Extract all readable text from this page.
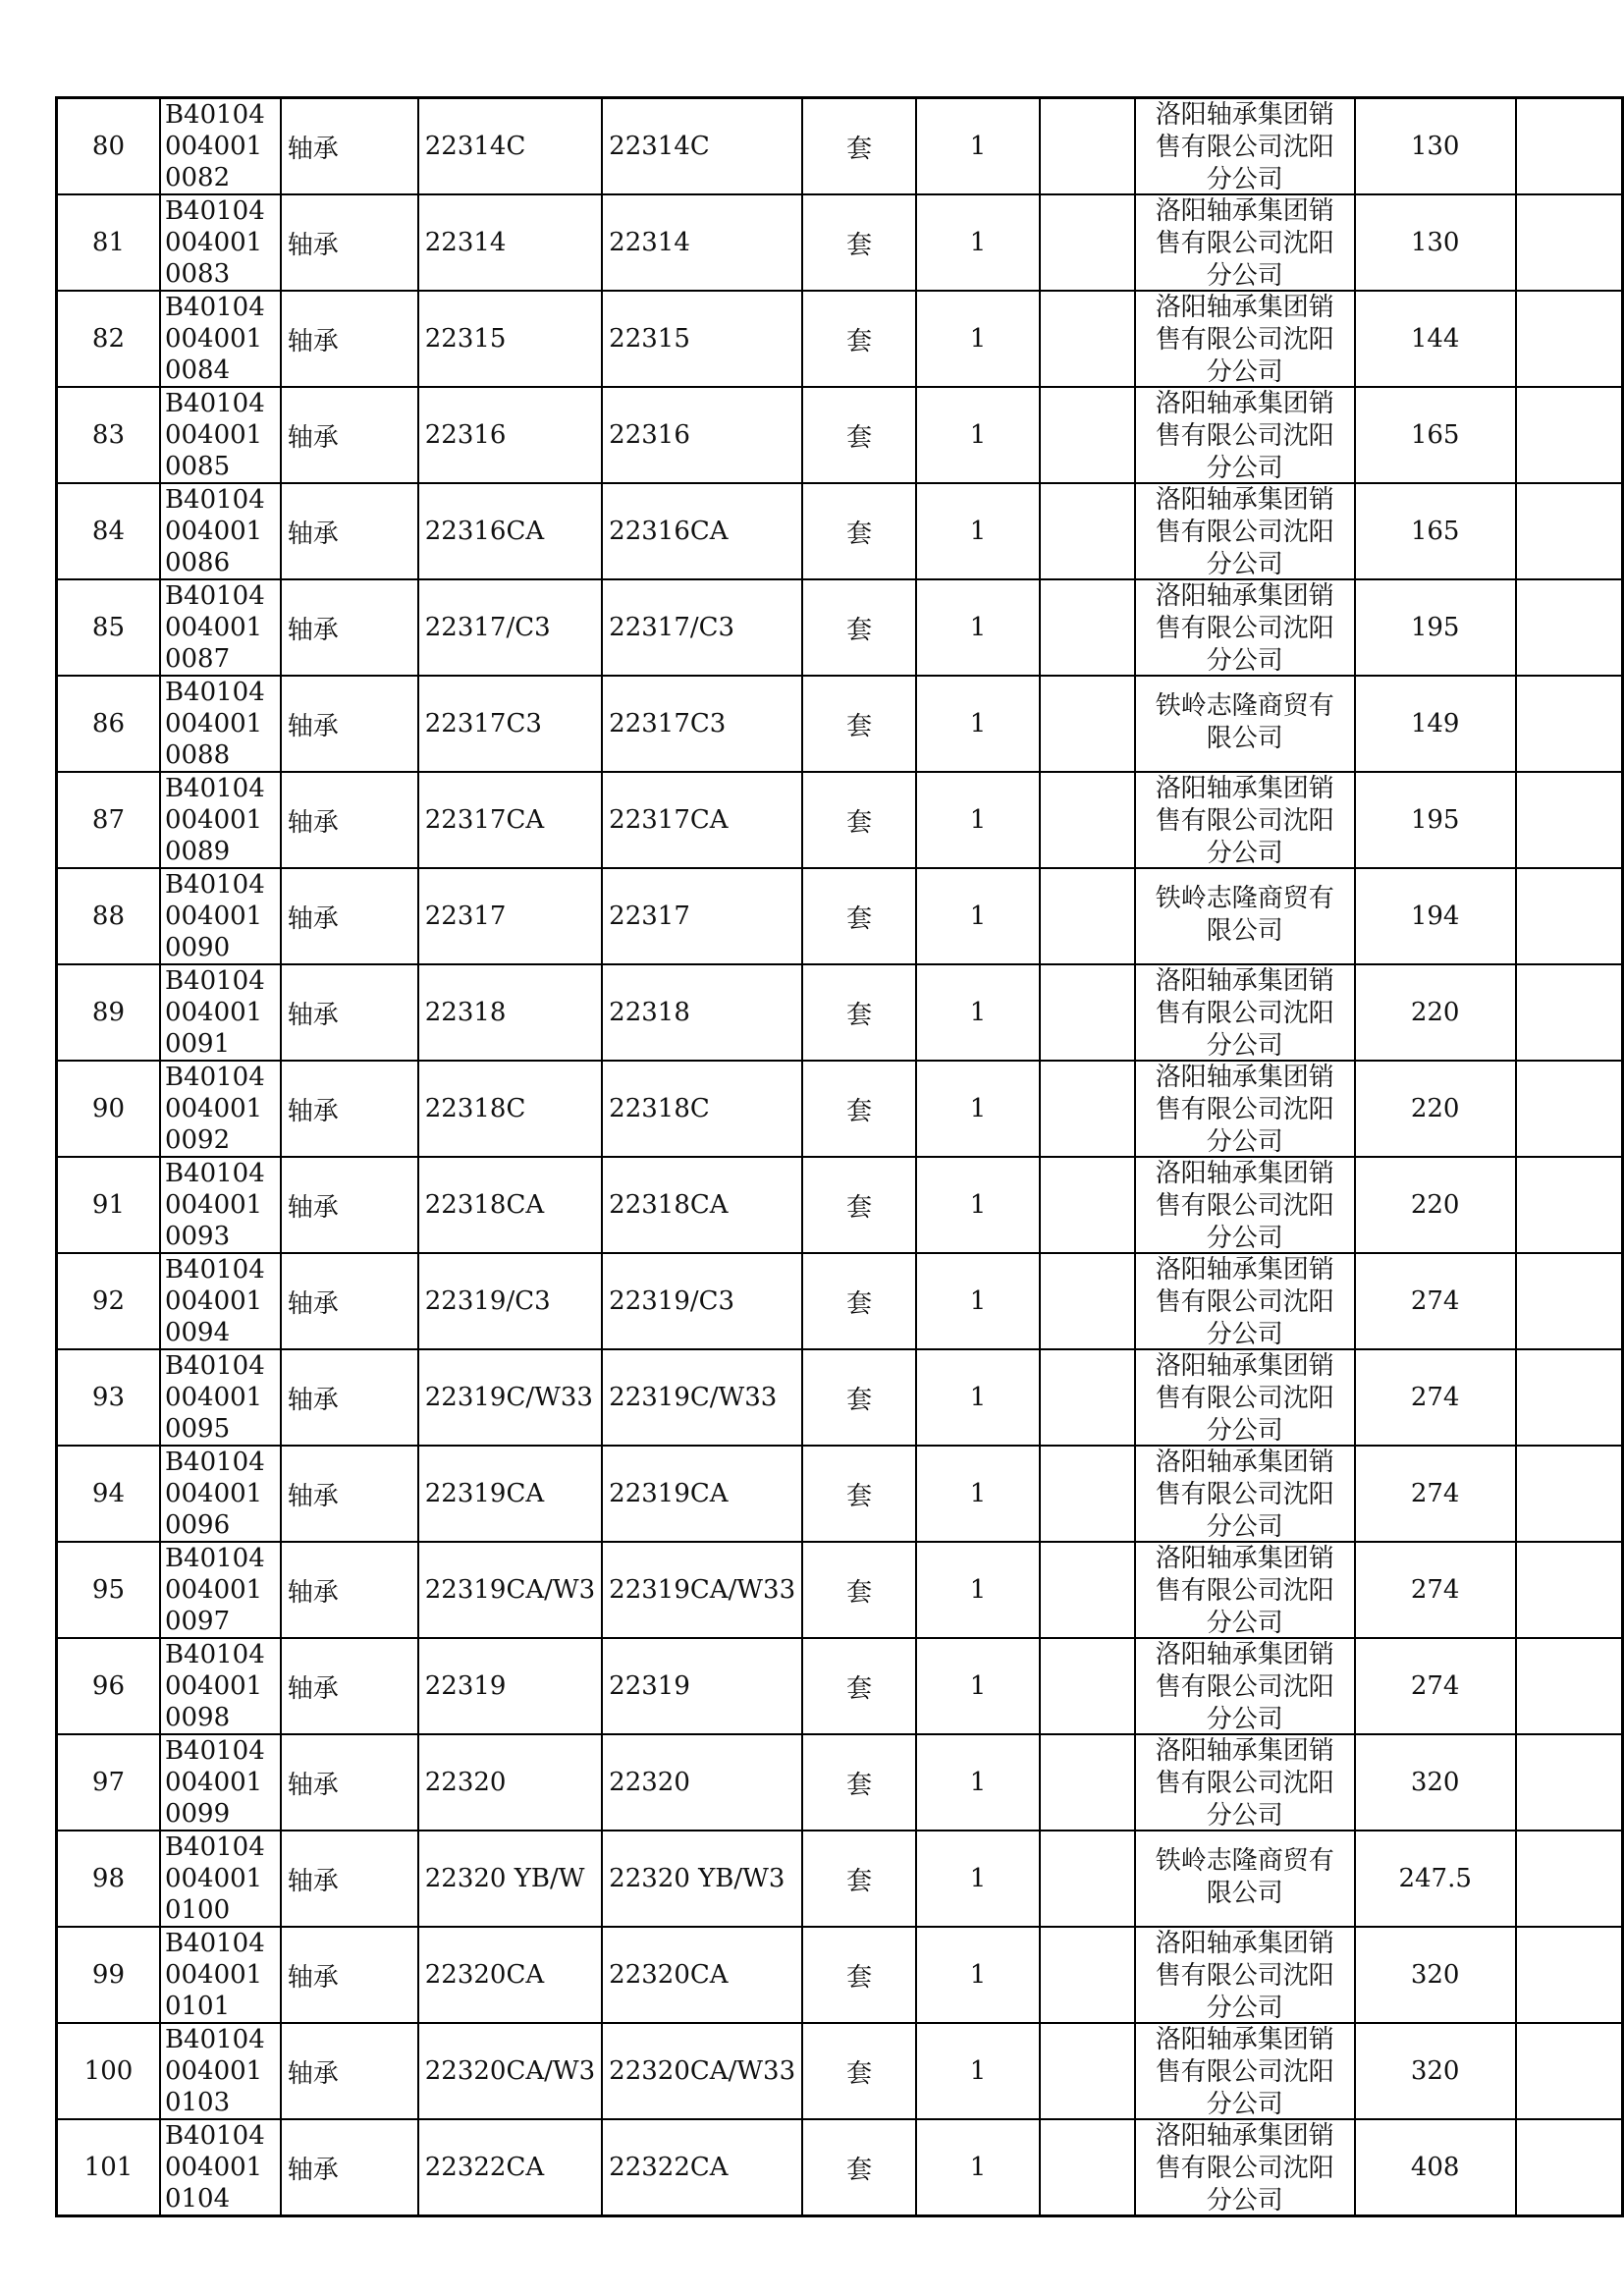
80	B401040040010082	轴承	22314C	22314C	套	1		洛阳轴承集团销售有限公司沈阳分公司	130	
81	B401040040010083	轴承	22314	22314	套	1		洛阳轴承集团销售有限公司沈阳分公司	130	
82	B401040040010084	轴承	22315	22315	套	1		洛阳轴承集团销售有限公司沈阳分公司	144	
83	B401040040010085	轴承	22316	22316	套	1		洛阳轴承集团销售有限公司沈阳分公司	165	
84	B401040040010086	轴承	22316CA	22316CA	套	1		洛阳轴承集团销售有限公司沈阳分公司	165	
85	B401040040010087	轴承	22317/C3	22317/C3	套	1		洛阳轴承集团销售有限公司沈阳分公司	195	
86	B401040040010088	轴承	22317C3	22317C3	套	1		铁岭志隆商贸有限公司	149	
87	B401040040010089	轴承	22317CA	22317CA	套	1		洛阳轴承集团销售有限公司沈阳分公司	195	
88	B401040040010090	轴承	22317	22317	套	1		铁岭志隆商贸有限公司	194	
89	B401040040010091	轴承	22318	22318	套	1		洛阳轴承集团销售有限公司沈阳分公司	220	
90	B401040040010092	轴承	22318C	22318C	套	1		洛阳轴承集团销售有限公司沈阳分公司	220	
91	B401040040010093	轴承	22318CA	22318CA	套	1		洛阳轴承集团销售有限公司沈阳分公司	220	
92	B401040040010094	轴承	22319/C3	22319/C3	套	1		洛阳轴承集团销售有限公司沈阳分公司	274	
93	B401040040010095	轴承	22319C/W33	22319C/W33	套	1		洛阳轴承集团销售有限公司沈阳分公司	274	
94	B401040040010096	轴承	22319CA	22319CA	套	1		洛阳轴承集团销售有限公司沈阳分公司	274	
95	B401040040010097	轴承	22319CA/W3	22319CA/W33	套	1		洛阳轴承集团销售有限公司沈阳分公司	274	
96	B401040040010098	轴承	22319	22319	套	1		洛阳轴承集团销售有限公司沈阳分公司	274	
97	B401040040010099	轴承	22320	22320	套	1		洛阳轴承集团销售有限公司沈阳分公司	320	
98	B401040040010100	轴承	22320 YB/W	22320 YB/W3	套	1		铁岭志隆商贸有限公司	247.5	
99	B401040040010101	轴承	22320CA	22320CA	套	1		洛阳轴承集团销售有限公司沈阳分公司	320	
100	B401040040010103	轴承	22320CA/W3	22320CA/W33	套	1		洛阳轴承集团销售有限公司沈阳分公司	320	
101	B401040040010104	轴承	22322CA	22322CA	套	1		洛阳轴承集团销售有限公司沈阳分公司	408	
